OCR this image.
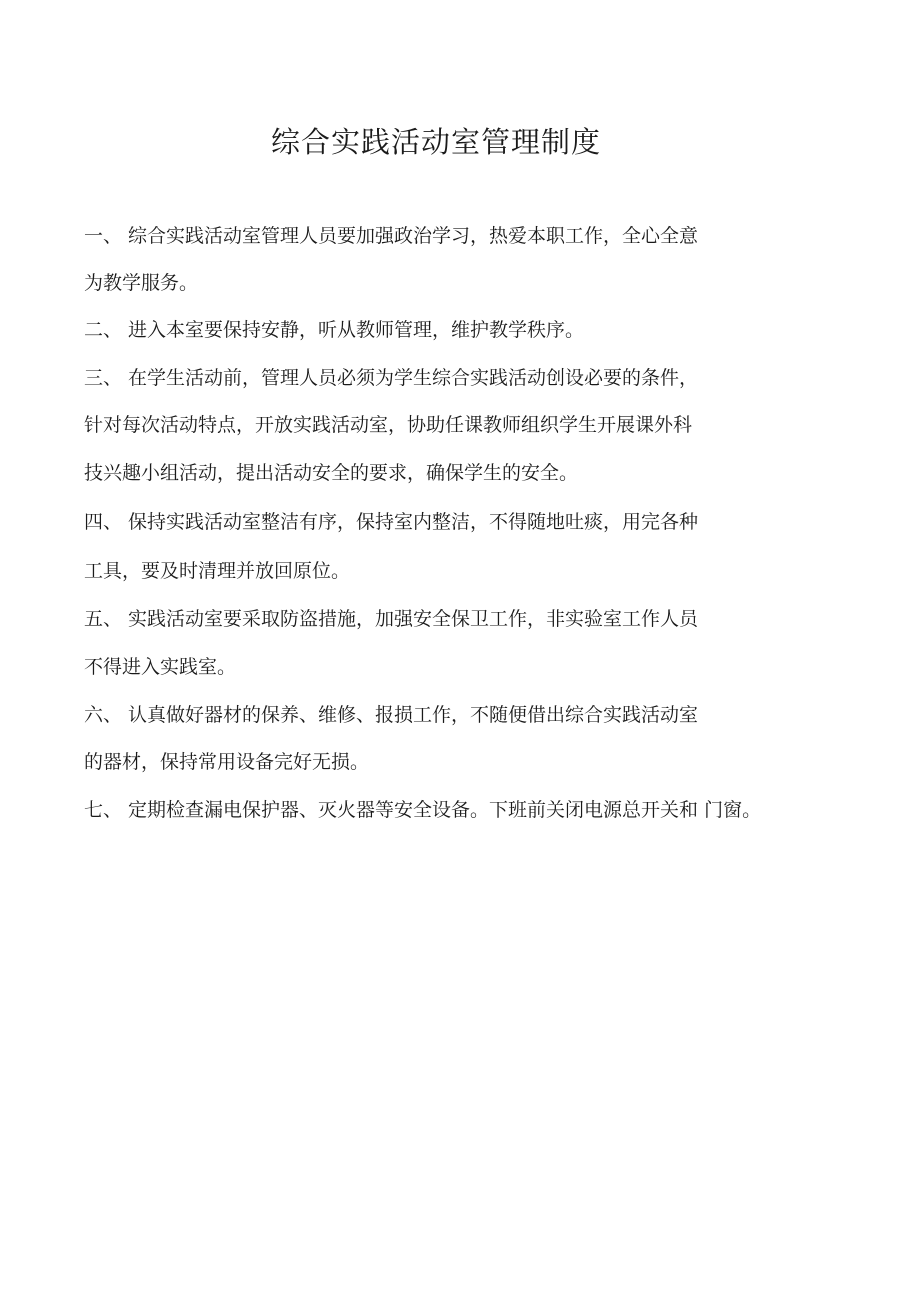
综合实践活动室管理制度

一、 综合实践活动室管理人员要加强政治学习，热爱本职工作，全心全意

为教学服务。

二、 进入本室要保持安静，听从教师管理，维护教学秩序。

三、 在学生活动前，管理人员必须为学生综合实践活动创设必要的条件，

针对每次活动特点，开放实践活动室，协助任课教师组织学生开展课外科

技兴趣小组活动，提出活动安全的要求，确保学生的安全。

四、 保持实践活动室整洁有序，保持室内整洁，不得随地吐痰，用完各种

工具，要及时清理并放回原位。

五、 实践活动室要采取防盗措施，加强安全保卫工作，非实验室工作人员

不得进入实践室。

六、 认真做好器材的保养、维修、报损工作，不随便借出综合实践活动室

的器材，保持常用设备完好无损。

七、 定期检查漏电保护器、灭火器等安全设备。下班前关闭电源总开关和 门窗。
